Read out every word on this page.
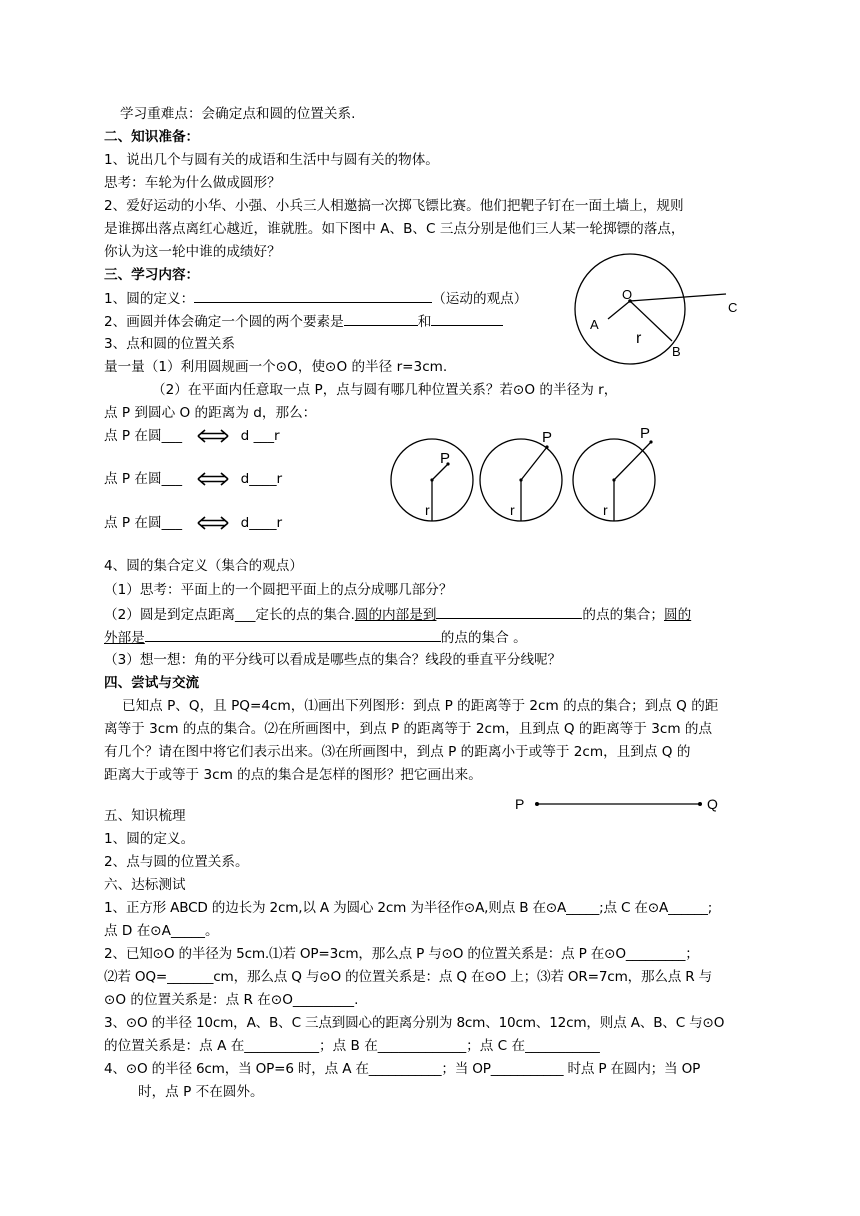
学习重难点：会确定点和圆的位置关系.
二、知识准备：
1、说出几个与圆有关的成语和生活中与圆有关的物体。
思考：车轮为什么做成圆形？
2、爱好运动的小华、小强、小兵三人相邀搞一次掷飞镖比赛。他们把靶子钉在一面土墙上，规则
是谁掷出落点离红心越近，谁就胜。如下图中 A、B、C 三点分别是他们三人某一轮掷镖的落点，
你认为这一轮中谁的成绩好？
三、学习内容：
1、圆的定义：	（运动的观点）
2、画圆并体会确定一个圆的两个要素是	和
3、点和圆的位置关系
量一量（1）利用圆规画一个⊙O，使⊙O 的半径 r=3cm.
（2）在平面内任意取一点 P，点与圆有哪几种位置关系？若⊙O 的半径为 r，
点 P 到圆心 O 的距离为 d，那么：
点 P 在圆___	d ___r
点 P 在圆___	d____r
点 P 在圆___	d____r
4、圆的集合定义（集合的观点）
（1）思考：平面上的一个圆把平面上的点分成哪几部分？
（2）圆是到定点距离___定长的点的集合.圆的内部是到	的点的集合；圆的
外部是	的点的集合 。
（3）想一想：角的平分线可以看成是哪些点的集合？线段的垂直平分线呢？
四、尝试与交流
已知点 P、Q，且 PQ=4cm，⑴画出下列图形：到点 P 的距离等于 2cm 的点的集合；到点 Q 的距
离等于 3cm 的点的集合。⑵在所画图中，到点 P 的距离等于 2cm，且到点 Q 的距离等于 3cm 的点
有几个？请在图中将它们表示出来。⑶在所画图中，到点 P 的距离小于或等于 2cm，且到点 Q 的
距离大于或等于 3cm 的点的集合是怎样的图形？把它画出来。
五、知识梳理
1、圆的定义。
2、点与圆的位置关系。
六、达标测试
1、正方形 ABCD 的边长为 2cm,以 A 为圆心 2cm 为半径作⊙A,则点 B 在⊙A_____;点 C 在⊙A______;
点 D 在⊙A_____。
2、已知⊙O 的半径为 5cm.⑴若 OP=3cm，那么点 P 与⊙O 的位置关系是：点 P 在⊙O_________；
⑵若 OQ=_______cm，那么点 Q 与⊙O 的位置关系是：点 Q 在⊙O 上；⑶若 OR=7cm，那么点 R 与
⊙O 的位置关系是：点 R 在⊙O_________.
3、⊙O 的半径 10cm，A、B、C 三点到圆心的距离分别为 8cm、10cm、12cm，则点 A、B、C 与⊙O
的位置关系是：点 A 在___________；点 B 在_____________；点 C 在___________
4、⊙O 的半径 6cm，当 OP=6 时，点 A 在___________；当 OP___________ 时点 P 在圆内；当 OP
时，点 P 不在圆外。
O
A
B
C
r
P
r
P
r
P
r
P	Q
